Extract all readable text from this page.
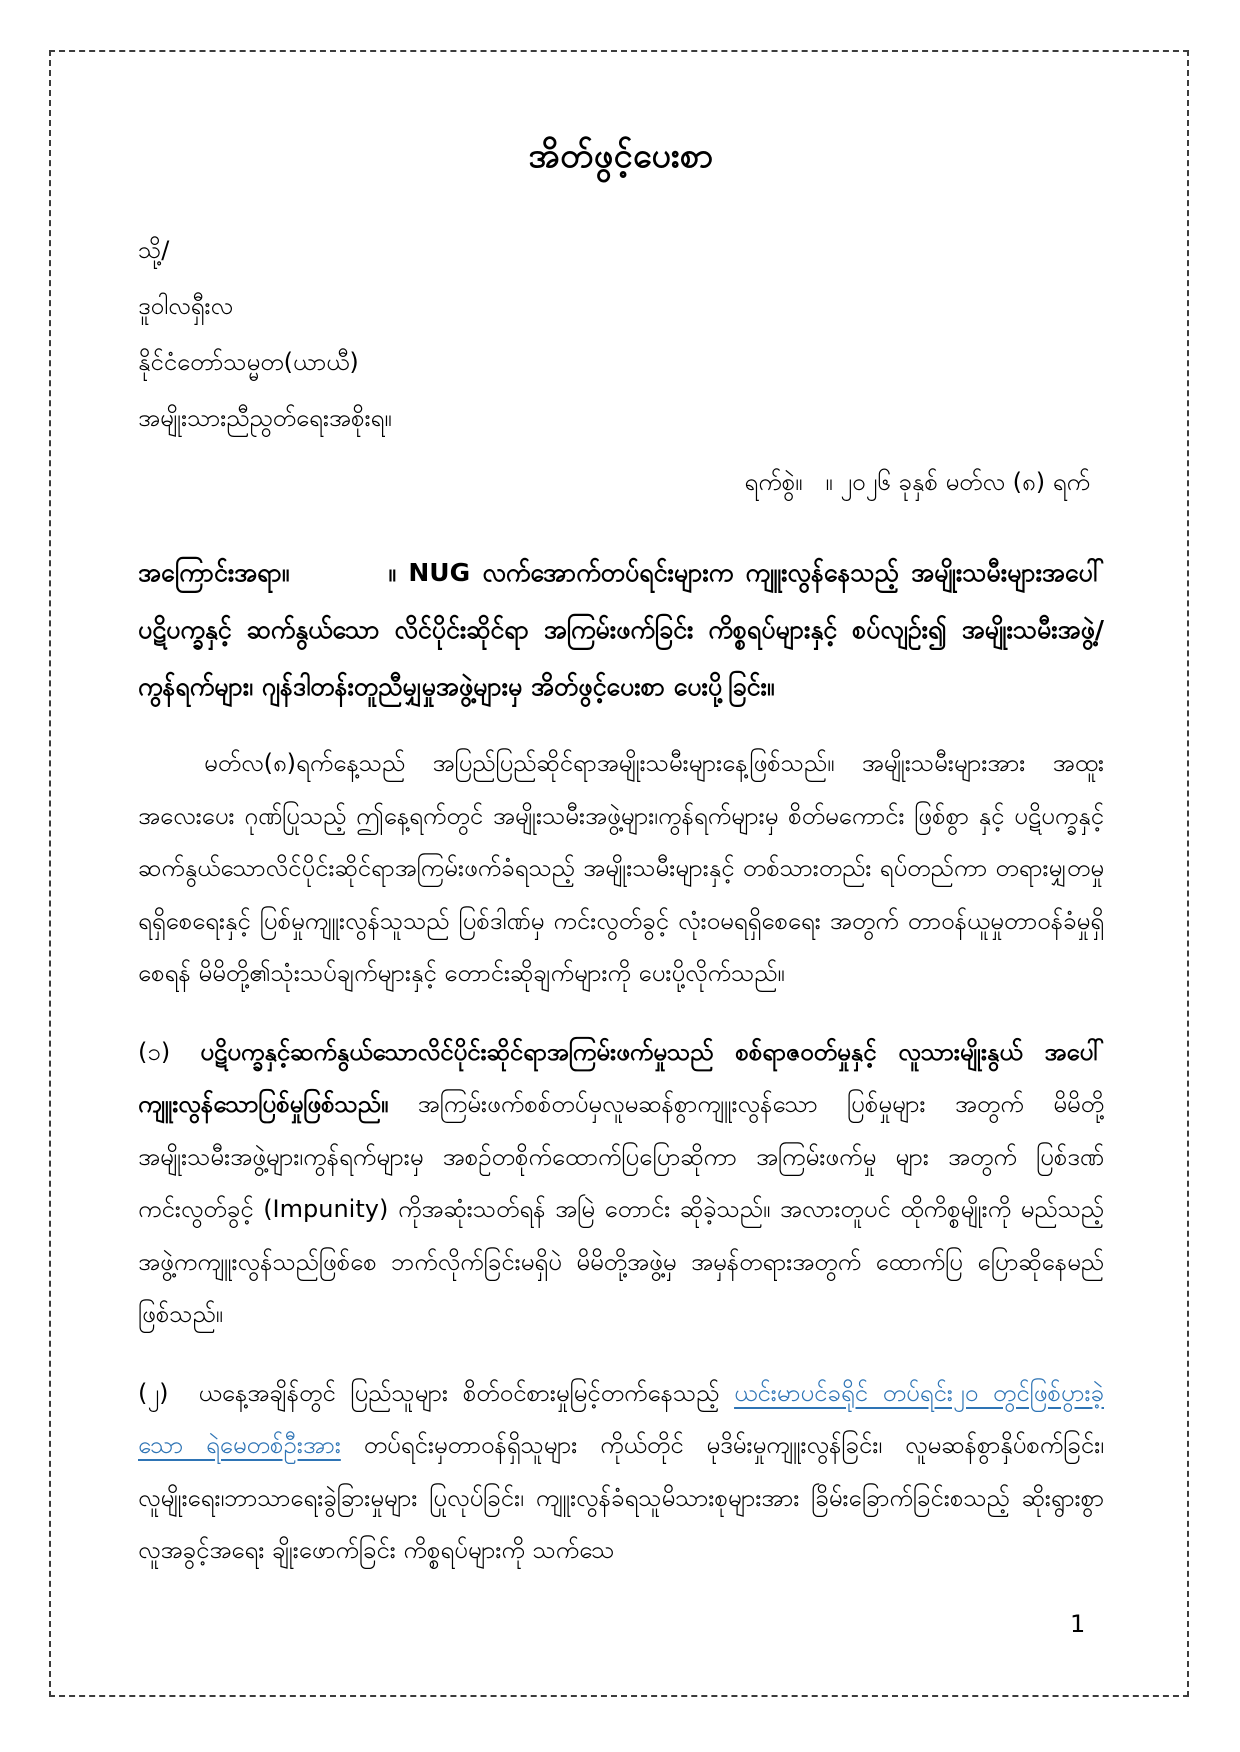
အိတ်ဖွင့်ပေးစာ
သို့/
ဒူဝါလရှီးလ
နိုင်ငံတော်သမ္မတ(ယာယီ)
အမျိုးသားညီညွတ်ရေးအစိုးရ။
ရက်စွဲ။   ။ ၂၀၂၆ ခုနှစ် မတ်လ (၈) ရက်

အကြောင်းအရာ။        ။ NUG လက်အောက်တပ်ရင်းများက ကျူးလွန်နေသည့် အမျိုးသမီးများအပေါ် ပဋိပက္ခနှင့် ဆက်နွယ်သော လိင်ပိုင်းဆိုင်ရာ အကြမ်းဖက်ခြင်း ကိစ္စရပ်များနှင့် စပ်လျဉ်း၍ အမျိုးသမီးအဖွဲ့/ကွန်ရက်များ၊ ဂျန်ဒါတန်းတူညီမျှမှုအဖွဲ့များမှ အိတ်ဖွင့်ပေးစာ ပေးပို့ခြင်း။

မတ်လ(၈)ရက်နေ့သည် အပြည်ပြည်ဆိုင်ရာအမျိုးသမီးများနေ့ဖြစ်သည်။ အမျိုးသမီးများအား အထူးအလေးပေး ဂုဏ်ပြုသည့် ဤနေ့ရက်တွင် အမျိုးသမီးအဖွဲ့များ၊ကွန်ရက်များမှ စိတ်မကောင်း ဖြစ်စွာ နှင့် ပဋိပက္ခနှင့်ဆက်နွယ်သောလိင်ပိုင်းဆိုင်ရာအကြမ်းဖက်ခံရသည့် အမျိုးသမီးများနှင့် တစ်သားတည်း ရပ်တည်ကာ တရားမျှတမှုရရှိစေရေးနှင့် ပြစ်မှုကျူးလွန်သူသည် ပြစ်ဒါဏ်မှ ကင်းလွတ်ခွင့် လုံးဝမရရှိစေရေး အတွက် တာဝန်ယူမှုတာဝန်ခံမှုရှိစေရန် မိမိတို့၏သုံးသပ်ချက်များနှင့် တောင်းဆိုချက်များကို ပေးပို့လိုက်သည်။

(၁) ပဋိပက္ခနှင့်ဆက်နွယ်သောလိင်ပိုင်းဆိုင်ရာအကြမ်းဖက်မှုသည် စစ်ရာဇဝတ်မှုနှင့် လူသားမျိုးနွယ် အပေါ်ကျူးလွန်သောပြစ်မှုဖြစ်သည်။ အကြမ်းဖက်စစ်တပ်မှလူမဆန်စွာကျူးလွန်သော ပြစ်မှုများ အတွက် မိမိတို့အမျိုးသမီးအဖွဲ့များ၊ကွန်ရက်များမှ အစဉ်တစိုက်ထောက်ပြပြောဆိုကာ အကြမ်းဖက်မှု များ အတွက် ပြစ်ဒဏ်ကင်းလွတ်ခွင့် (Impunity) ကိုအဆုံးသတ်ရန် အမြဲ တောင်း ဆိုခဲ့သည်။ အလားတူပင် ထိုကိစ္စမျိုးကို မည်သည့်အဖွဲ့ကကျူးလွန်သည်ဖြစ်စေ ဘက်လိုက်ခြင်းမရှိပဲ မိမိတို့အဖွဲ့မှ အမှန်တရားအတွက် ထောက်ပြ ပြောဆိုနေမည်ဖြစ်သည်။

(၂) ယနေ့အချိန်တွင် ပြည်သူများ စိတ်ဝင်စားမှုမြင့်တက်နေသည့် ယင်းမာပင်ခရိုင် တပ်ရင်း၂၀ တွင်ဖြစ်ပွားခဲ့သော ရဲမေတစ်ဦးအား တပ်ရင်းမှတာဝန်ရှိသူများ ကိုယ်တိုင် မုဒိမ်းမှုကျူးလွန်ခြင်း၊ လူမဆန်စွာနှိပ်စက်ခြင်း၊ လူမျိုးရေး၊ဘာသာရေးခွဲခြားမှုများ ပြုလုပ်ခြင်း၊ ကျူးလွန်ခံရသူမိသားစုများအား ခြိမ်းခြောက်ခြင်းစသည့် ဆိုးရွားစွာလူအခွင့်အရေး ချိုးဖောက်ခြင်း ကိစ္စရပ်များကို သက်သေ

1
